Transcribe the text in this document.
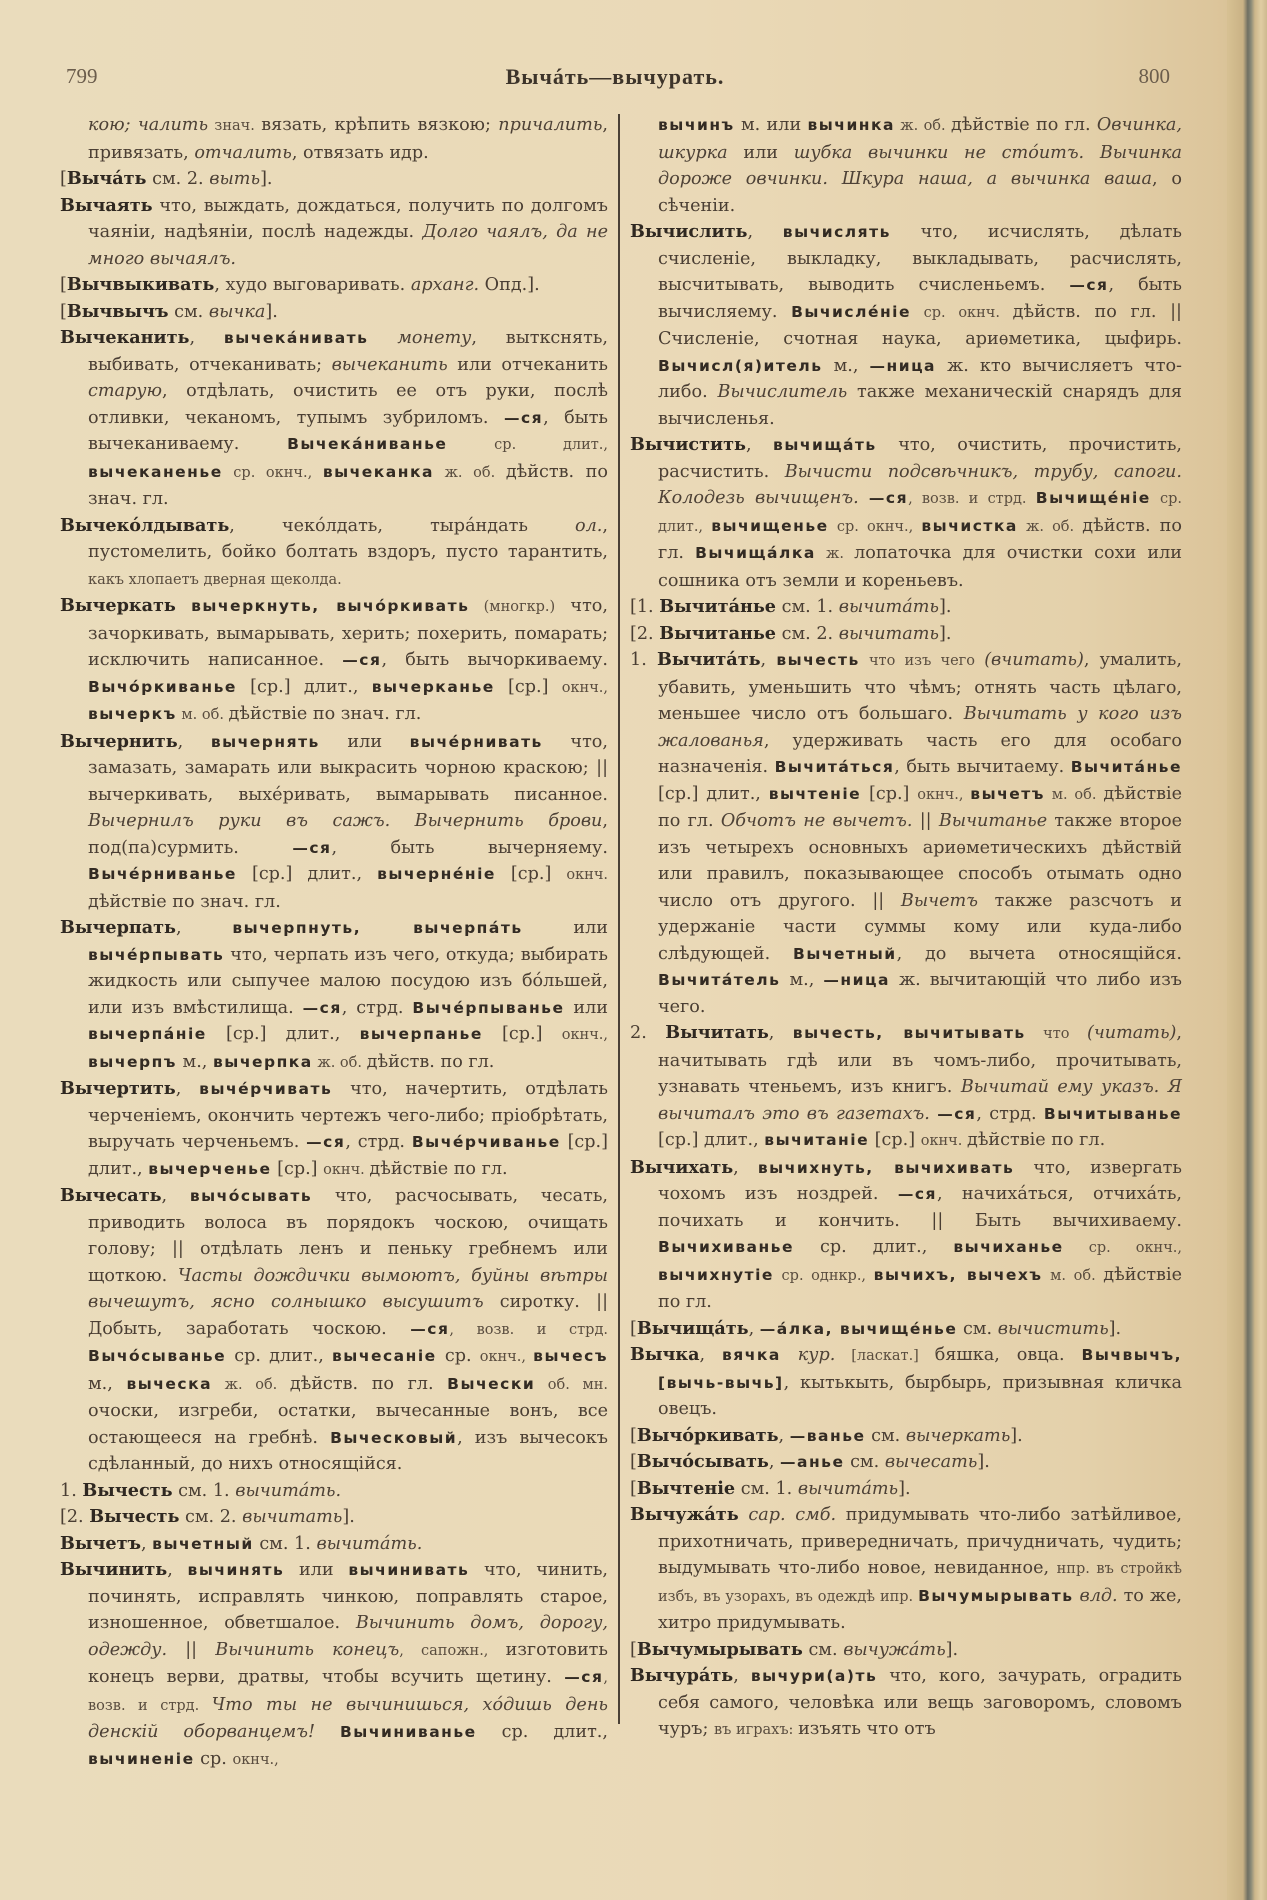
799	Вычáть—вычурать.	800

кою; чалить знач. вязать, крѣпить вязкою; причалить, привязать, отчалить, отвязать идр.

[Вычáть см. 2. выть].

Вычаять что, выждать, дождаться, получить по долгомъ чаяніи, надѣяніи, послѣ надежды. Долго чаялъ, да не много вычаялъ.

[Вычвыкивать, худо выговаривать. арханг. Опд.].

[Вычвычъ см. вычка].

Вычеканить, вычекáнивать монету, выткснять, выбивать, отчеканивать; вычеканить или отчеканить старую, отдѣлать, очистить ее отъ руки, послѣ отливки, чеканомъ, тупымъ зубриломъ. —ся, быть вычеканиваему. Вычекáниванье ср. длит., вычеканенье ср. окнч., вычеканка ж. об. дѣйств. по знач. гл.

Вычекóлдывать, чекóлдать, тырáндать ол., пустомелить, бойко болтать вздоръ, пусто тарантить, какъ хлопаетъ дверная щеколда.

Вычеркать вычеркнуть, вычóркивать (многкр.) что, зачоркивать, вымарывать, херить; похерить, помарать; исключить написанное. —ся, быть вычоркиваему. Вычóркиванье [ср.] длит., вычерканье [ср.] окнч., вычеркъ м. об. дѣйствіе по знач. гл.

Вычернить, вычернять или вычéрнивать что, замазать, замарать или выкрасить чорною краскою; || вычеркивать, выхéривать, вымарывать писанное. Вычернилъ руки въ сажъ. Вычернить брови, под(па)сурмить. —ся, быть вычерняему. Вычéрниванье [ср.] длит., вычернéніе [ср.] окнч. дѣйствіе по знач. гл.

Вычерпать, вычерпнуть, вычерпáть или вычéрпывать что, черпать изъ чего, откуда; выбирать жидкость или сыпучее малою посудою изъ бóльшей, или изъ вмѣстилища. —ся, стрд. Вычéрпыванье или вычерпáніе [ср.] длит., вычерпанье [ср.] окнч., вычерпъ м., вычерпка ж. об. дѣйств. по гл.

Вычертить, вычéрчивать что, начертить, отдѣлать черченіемъ, окончить чертежъ чего-либо; пріобрѣтать, выручать черченьемъ. —ся, стрд. Вычéрчиванье [ср.] длит., вычерченье [ср.] окнч. дѣйствіе по гл.

Вычесать, вычóсывать что, расчосывать, чесать, приводить волоса въ порядокъ чоскою, очищать голову; || отдѣлать ленъ и пеньку гребнемъ или щоткою. Часты дождички вымоютъ, буйны вѣтры вычешутъ, ясно солнышко высушитъ сиротку. || Добыть, заработать чоскою. —ся, возв. и стрд. Вычóсыванье ср. длит., вычесаніе ср. окнч., вычесъ м., выческа ж. об. дѣйств. по гл. Вычески об. мн. очоски, изгреби, остатки, вычесанные вонъ, все остающееся на гребнѣ. Выческовый, изъ вычесокъ сдѣланный, до нихъ относящійся.

1. Вычесть см. 1. вычитáть.

[2. Вычесть см. 2. вычитать].

Вычетъ, вычетный см. 1. вычитáть.

Вычинить, вычинять или вычинивать что, чинить, починять, исправлять чинкою, поправлять старое, изношенное, обветшалое. Вычинить домъ, дорогу, одежду. || Вычинить конецъ, сапожн., изготовить конецъ верви, дратвы, чтобы всучить щетину. —ся, возв. и стрд. Что ты не вычинишься, хóдишь день денскій оборванцемъ! Вычиниванье ср. длит., вычиненіе ср. окнч.,

вычинъ м. или вычинка ж. об. дѣйствіе по гл. Овчинка, шкурка или шубка вычинки не стóитъ. Вычинка дороже овчинки. Шкура наша, а вычинка ваша, о сѣченіи.

Вычислить, вычислять что, исчислять, дѣлать счисленіе, выкладку, выкладывать, расчислять, высчитывать, выводить счисленьемъ. —ся, быть вычисляему. Вычислéніе ср. окнч. дѣйств. по гл. || Счисленіе, счотная наука, ариѳметика, цыфирь. Вычисл(я)итель м., —ница ж. кто вычисляетъ что-либо. Вычислитель также механическій снарядъ для вычисленья.

Вычистить, вычищáть что, очистить, прочистить, расчистить. Вычисти подсвѣчникъ, трубу, сапоги. Колодезь вычищенъ. —ся, возв. и стрд. Вычищéніе ср. длит., вычищенье ср. окнч., вычистка ж. об. дѣйств. по гл. Вычищáлка ж. лопаточка для очистки сохи или сошника отъ земли и кореньевъ.

[1. Вычитáнье см. 1. вычитáть].

[2. Вычитанье см. 2. вычитать].

1. Вычитáть, вычесть что изъ чего (вчитать), умалить, убавить, уменьшить что чѣмъ; отнять часть цѣлаго, меньшее число отъ большаго. Вычитать у кого изъ жалованья, удерживать часть его для особаго назначенія. Вычитáться, быть вычитаему. Вычитáнье [ср.] длит., вычтеніе [ср.] окнч., вычетъ м. об. дѣйствіе по гл. Обчотъ не вычетъ. || Вычитанье также второе изъ четырехъ основныхъ ариѳметическихъ дѣйствій или правилъ, показывающее способъ отымать одно число отъ другого. || Вычетъ также разсчотъ и удержаніе части суммы кому или куда-либо слѣдующей. Вычетный, до вычета относящійся. Вычитáтель м., —ница ж. вычитающій что либо изъ чего.

2. Вычитать, вычесть, вычитывать что (читать), начитывать гдѣ или въ чомъ-либо, прочитывать, узнавать чтеньемъ, изъ книгъ. Вычитай ему указъ. Я вычиталъ это въ газетахъ. —ся, стрд. Вычитыванье [ср.] длит., вычитаніе [ср.] окнч. дѣйствіе по гл.

Вычихать, вычихнуть, вычихивать что, извергать чохомъ изъ ноздрей. —ся, начихáться, отчихáть, почихать и кончить. || Быть вычихиваему. Вычихиванье ср. длит., вычиханье ср. окнч., вычихнутіе ср. однкр., вычихъ, вычехъ м. об. дѣйствіе по гл.

[Вычищáть, —áлка, вычищéнье см. вычистить].

Вычка, вячка кур. [ласкат.] бяшка, овца. Вычвычъ, [вычь-вычь], кытькыть, бырбырь, призывная кличка овецъ.

[Вычóркивать, —ванье см. вычеркать].

[Вычóсывать, —анье см. вычесать].

[Вычтеніе см. 1. вычитáть].

Вычужáть сар. смб. придумывать что-либо затѣйливое, прихотничать, привередничать, причудничать, чудить; выдумывать что-либо новое, невиданное, нпр. въ стройкѣ избъ, въ узорахъ, въ одеждѣ ипр. Вычумырывать влд. то же, хитро придумывать.

[Вычумырывать см. вычужáть].

Вычурáть, вычури(а)ть что, кого, зачурать, оградить себя самого, человѣка или вещь заговоромъ, словомъ чуръ; въ играхъ: изъять что отъ
